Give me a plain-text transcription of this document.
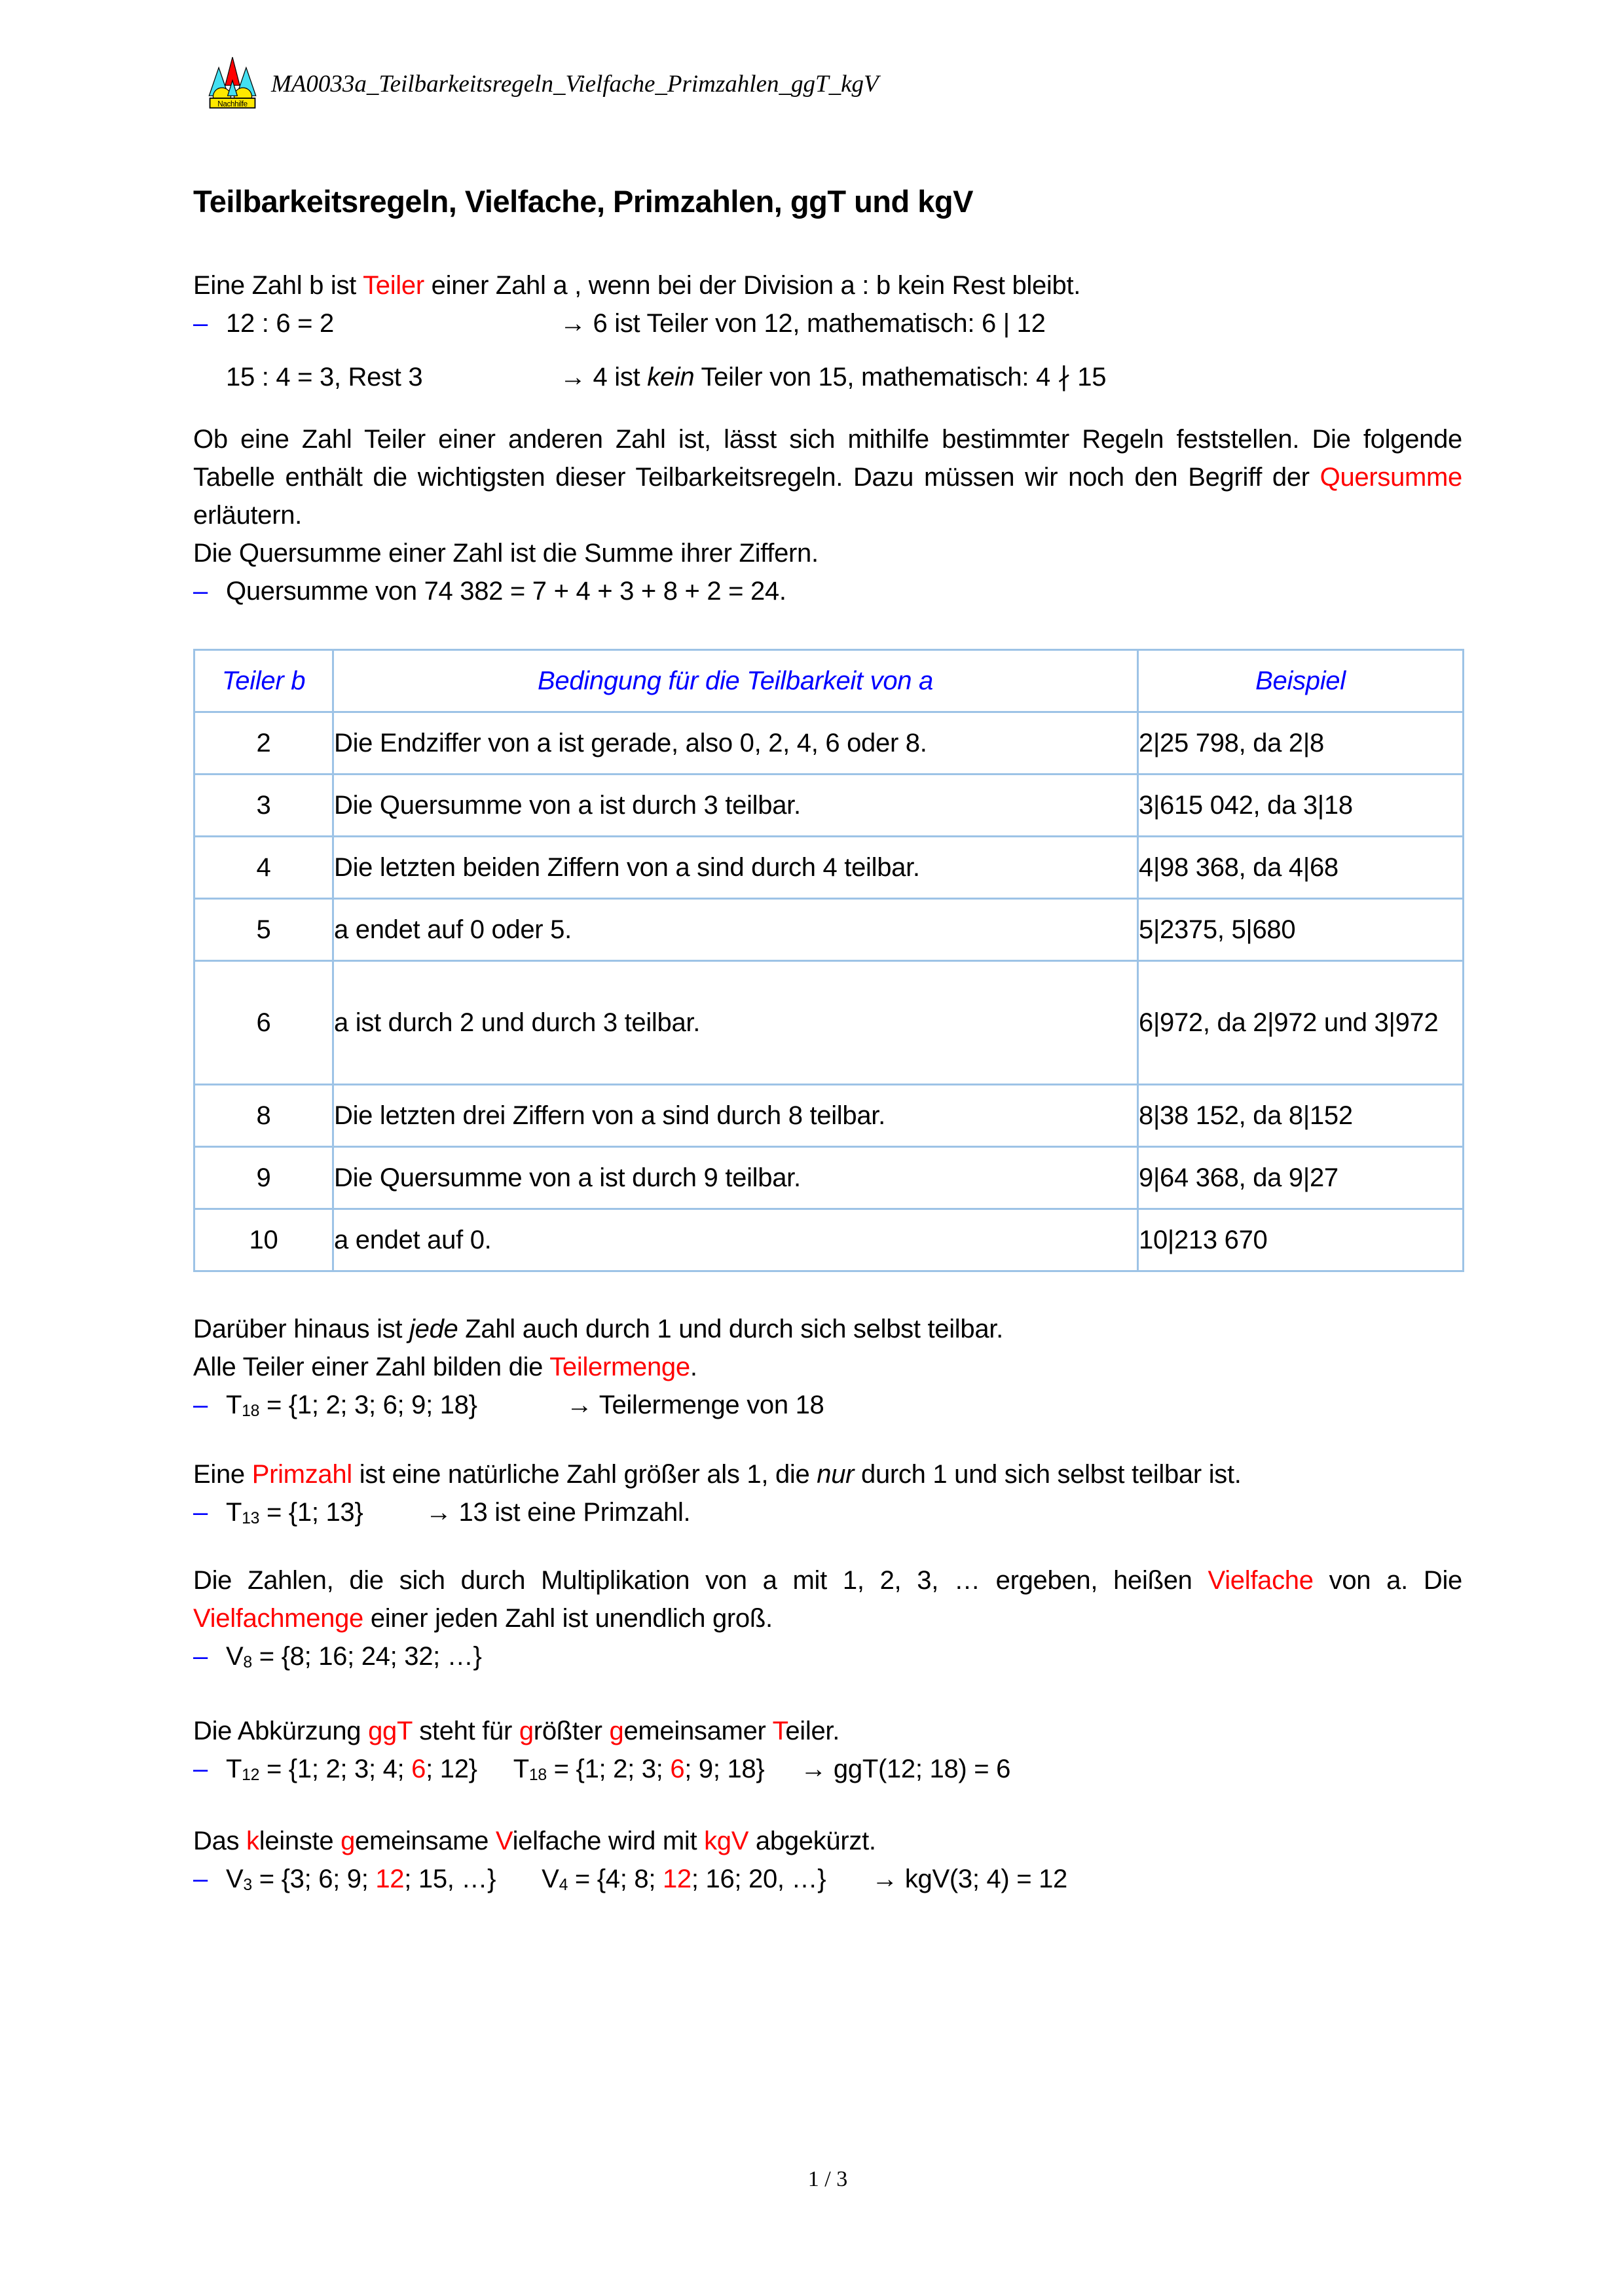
Nachhilfe
MA0033a_Teilbarkeitsregeln_Vielfache_Primzahlen_ggT_kgV
Teilbarkeitsregeln, Vielfache, Primzahlen, ggT und kgV

Eine Zahl b ist Teiler einer Zahl a , wenn bei der Division a : b kein Rest bleibt.

– 12 : 6 = 2	→ 6 ist Teiler von 12, mathematisch: 6 | 12
15 : 4 = 3, Rest 3	→ 4 ist kein Teiler von 15, mathematisch: 4 ∤ 15

Ob eine Zahl Teiler einer anderen Zahl ist, lässt sich mithilfe bestimmter Regeln feststellen. Die folgende Tabelle enthält die wichtigsten dieser Teilbarkeitsregeln. Dazu müssen wir noch den Begriff der Quersumme erläutern.

Die Quersumme einer Zahl ist die Summe ihrer Ziffern.

– Quersumme von 74 382 = 7 + 4 + 3 + 8 + 2 = 24.
Teiler b	Bedingung für die Teilbarkeit von a	Beispiel
2	Die Endziffer von a ist gerade, also 0, 2, 4, 6 oder 8.	2|25 798, da 2|8
3	Die Quersumme von a ist durch 3 teilbar.	3|615 042, da 3|18
4	Die letzten beiden Ziffern von a sind durch 4 teilbar.	4|98 368, da 4|68
5	a endet auf 0 oder 5.	5|2375, 5|680
6	a ist durch 2 und durch 3 teilbar.	6|972, da 2|972 und 3|972
8	Die letzten drei Ziffern von a sind durch 8 teilbar.	8|38 152, da 8|152
9	Die Quersumme von a ist durch 9 teilbar.	9|64 368, da 9|27
10	a endet auf 0.	10|213 670

Darüber hinaus ist jede Zahl auch durch 1 und durch sich selbst teilbar.

Alle Teiler einer Zahl bilden die Teilermenge.

– T18 = {1; 2; 3; 6; 9; 18}	→ Teilermenge von 18

Eine Primzahl ist eine natürliche Zahl größer als 1, die nur durch 1 und sich selbst teilbar ist.

– T13 = {1; 13}	→ 13 ist eine Primzahl.

Die Zahlen, die sich durch Multiplikation von a mit 1, 2, 3, … ergeben, heißen Vielfache von a. Die Vielfachmenge einer jeden Zahl ist unendlich groß.

– V8 = {8; 16; 24; 32; …}

Die Abkürzung ggT steht für größter gemeinsamer Teiler.

– T12 = {1; 2; 3; 4; 6; 12} T18 = {1; 2; 3; 6; 9; 18} → ggT(12; 18) = 6

Das kleinste gemeinsame Vielfache wird mit kgV abgekürzt.

– V3 = {3; 6; 9; 12; 15, …} V4 = {4; 8; 12; 16; 20, …} → kgV(3; 4) = 12
1 / 3
